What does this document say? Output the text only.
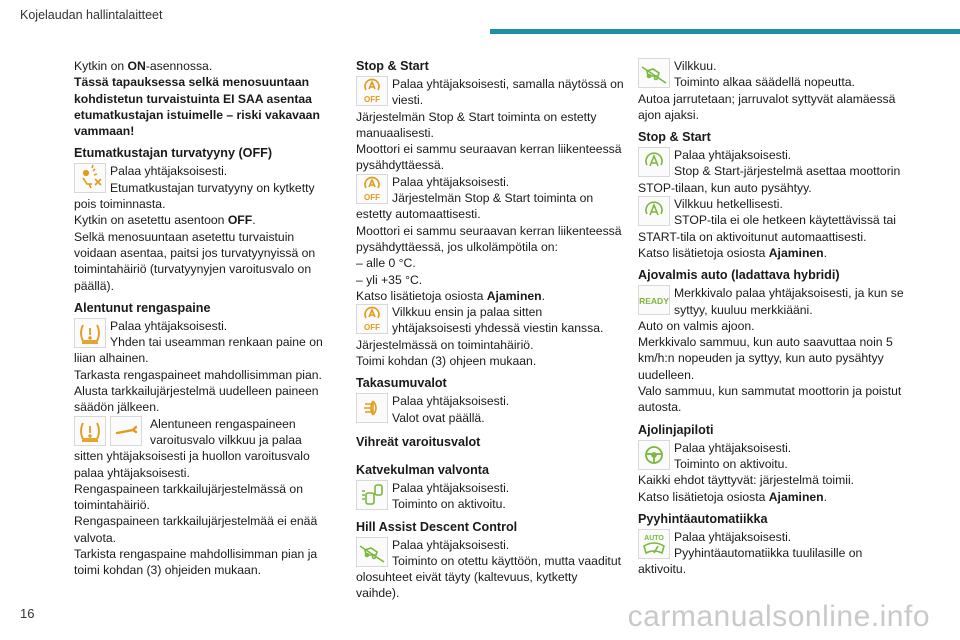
Kojelaudan hallintalaitteet

Kytkin on ON-asennossa.

Tässä tapauksessa selkä menosuuntaan kohdistetun turvaistuinta EI SAA asentaa etumatkustajan istuimelle – riski vakavaan vammaan!

Etumatkustajan turvatyyny (OFF)

Palaa yhtäjaksoisesti.

Etumatkustajan turvatyyny on kytketty pois toiminnasta.

Kytkin on asetettu asentoon OFF.

Selkä menosuuntaan asetettu turvaistuin voidaan asentaa, paitsi jos turvatyynyissä on toimintahäiriö (turvatyynyjen varoitusvalo on päällä).

Alentunut rengaspaine

Palaa yhtäjaksoisesti.

Yhden tai useamman renkaan paine on liian alhainen.

Tarkasta rengaspaineet mahdollisimman pian.

Alusta tarkkailujärjestelmä uudelleen paineen säädön jälkeen.

Alentuneen rengaspaineen varoitusvalo vilkkuu ja palaa sitten yhtäjaksoisesti ja huollon varoitusvalo palaa yhtäjaksoisesti.

Rengaspaineen tarkkailujärjestelmässä on toimintahäiriö.

Rengaspaineen tarkkailujärjestelmää ei enää valvota.

Tarkista rengaspaine mahdollisimman pian ja toimi kohdan (3) ohjeiden mukaan.

Stop & Start
OFF

Palaa yhtäjaksoisesti, samalla näytössä on viesti.

Järjestelmän Stop & Start toiminta on estetty manuaalisesti.

Moottori ei sammu seuraavan kerran liikenteessä pysähdyttäessä.

OFF

Palaa yhtäjaksoisesti.

Järjestelmän Stop & Start toiminta on estetty automaattisesti.

Moottori ei sammu seuraavan kerran liikenteessä pysähdyttäessä, jos ulkolämpötila on:

– alle 0 °C.

– yli +35 °C.

Katso lisätietoja osiosta Ajaminen.

OFF

Vilkkuu ensin ja palaa sitten yhtäjaksoisesti yhdessä viestin kanssa.

Järjestelmässä on toimintahäiriö.

Toimi kohdan (3) ohjeen mukaan.

Takasumuvalot

Palaa yhtäjaksoisesti.

Valot ovat päällä.

Vihreät varoitusvalot
Katvekulman valvonta

Palaa yhtäjaksoisesti.

Toiminto on aktivoitu.

Hill Assist Descent Control

Palaa yhtäjaksoisesti.

Toiminto on otettu käyttöön, mutta vaaditut olosuhteet eivät täyty (kaltevuus, kytketty vaihde).

Vilkkuu.

Toiminto alkaa säädellä nopeutta.

Autoa jarrutetaan; jarruvalot syttyvät alamäessä ajon ajaksi.

Stop & Start

Palaa yhtäjaksoisesti.

Stop & Start-järjestelmä asettaa moottorin STOP-tilaan, kun auto pysähtyy.

Vilkkuu hetkellisesti.

STOP-tila ei ole hetkeen käytettävissä tai START-tila on aktivoitunut automaattisesti.

Katso lisätietoja osiosta Ajaminen.

Ajovalmis auto (ladattava hybridi)
READY

Merkkivalo palaa yhtäjaksoisesti, ja kun se syttyy, kuuluu merkkiääni.

Auto on valmis ajoon.

Merkkivalo sammuu, kun auto saavuttaa noin 5 km/h:n nopeuden ja syttyy, kun auto pysähtyy uudelleen.

Valo sammuu, kun sammutat moottorin ja poistut autosta.

Ajolinjapiloti

Palaa yhtäjaksoisesti.

Toiminto on aktivoitu.

Kaikki ehdot täyttyvät: järjestelmä toimii.

Katso lisätietoja osiosta Ajaminen.

Pyyhintäautomatiikka
AUTO Palaa yhtäjaksoisesti.

Pyyhintäautomatiikka tuulilasille on aktivoitu.

16	carmanualsonline.info
